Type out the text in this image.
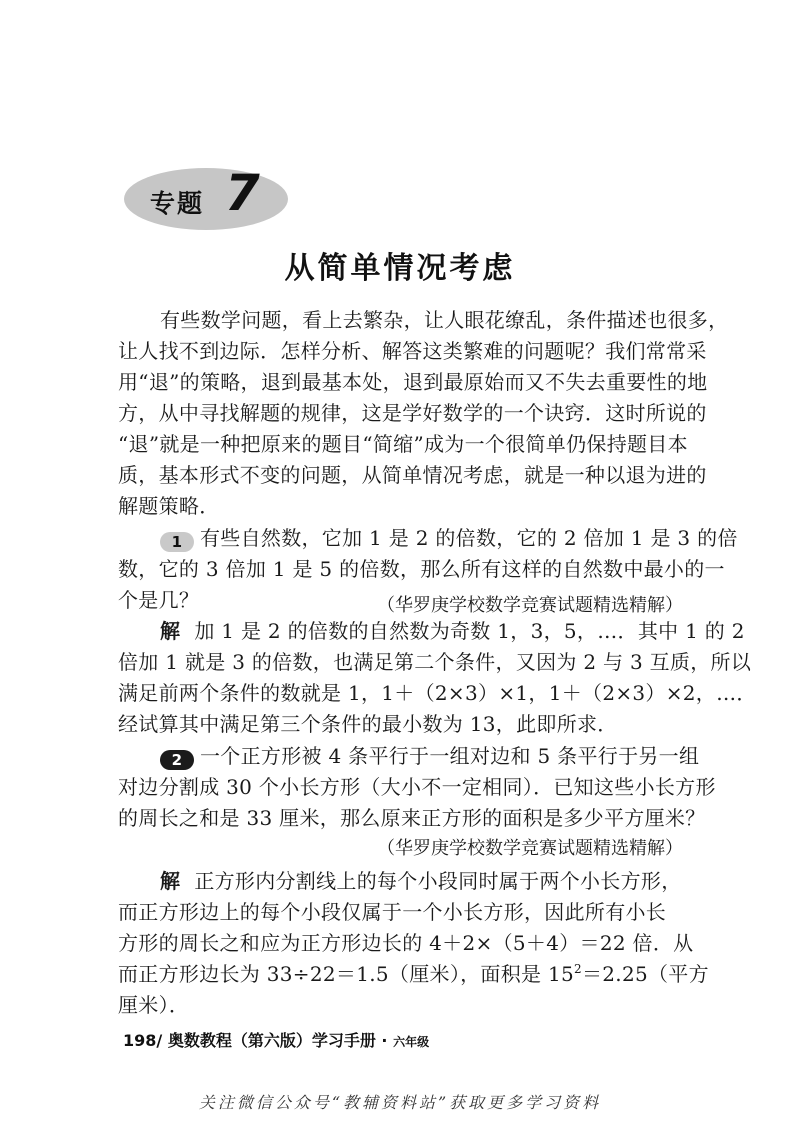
专题 7
从简单情况考虑
有些数学问题，看上去繁杂，让人眼花缭乱，条件描述也很多，
让人找不到边际．怎样分析、解答这类繁难的问题呢？我们常常采
用“退”的策略，退到最基本处，退到最原始而又不失去重要性的地
方，从中寻找解题的规律，这是学好数学的一个诀窍．这时所说的
“退”就是一种把原来的题目“简缩”成为一个很简单仍保持题目本
质，基本形式不变的问题，从简单情况考虑，就是一种以退为进的
解题策略．
1 有些自然数，它加 1 是 2 的倍数，它的 2 倍加 1 是 3 的倍
数，它的 3 倍加 1 是 5 的倍数，那么所有这样的自然数中最小的一
个是几？	（华罗庚学校数学竞赛试题精选精解）
解 加 1 是 2 的倍数的自然数为奇数 1，3，5，…．其中 1 的 2
倍加 1 就是 3 的倍数，也满足第二个条件，又因为 2 与 3 互质，所以
满足前两个条件的数就是 1，1＋（2×3）×1，1＋（2×3）×2，…．
经试算其中满足第三个条件的最小数为 13，此即所求．
2 一个正方形被 4 条平行于一组对边和 5 条平行于另一组
对边分割成 30 个小长方形（大小不一定相同）．已知这些小长方形
的周长之和是 33 厘米，那么原来正方形的面积是多少平方厘米？
（华罗庚学校数学竞赛试题精选精解）
解 正方形内分割线上的每个小段同时属于两个小长方形，
而正方形边上的每个小段仅属于一个小长方形，因此所有小长
方形的周长之和应为正方形边长的 4＋2×（5＋4）＝22 倍．从
而正方形边长为 33÷22＝1.5（厘米），面积是 $15^2=2.25$（平方
厘米）．
198/ 奥数教程（第六版）学习手册 · 六年级
关注微信公众号“教辅资料站”获取更多学习资料
